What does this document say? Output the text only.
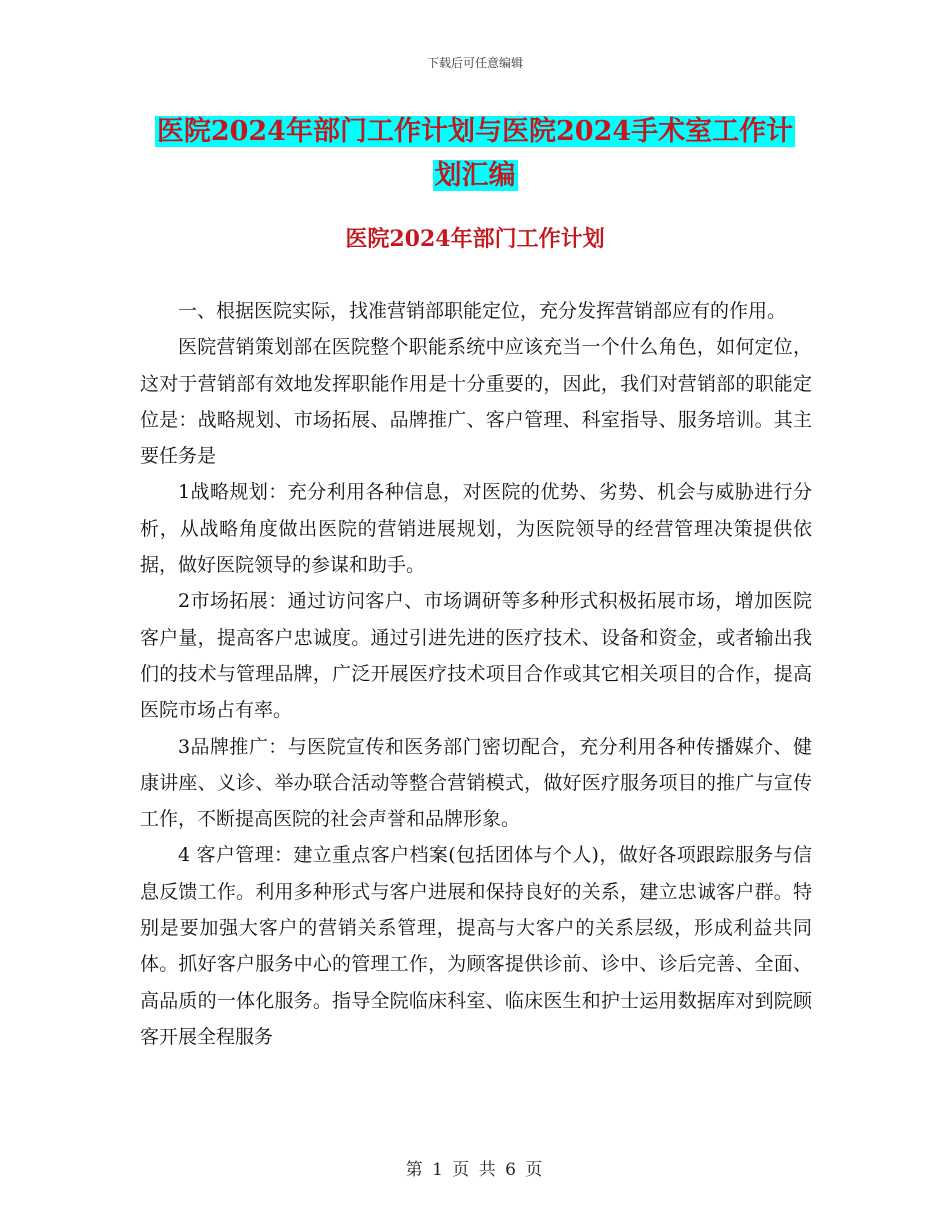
下载后可任意编辑
医院2024年部门工作计划与医院2024手术室工作计
划汇编
医院2024年部门工作计划

一、根据医院实际，找准营销部职能定位，充分发挥营销部应有的作用。

医院营销策划部在医院整个职能系统中应该充当一个什么角色，如何定位，这对于营销部有效地发挥职能作用是十分重要的，因此，我们对营销部的职能定位是：战略规划、市场拓展、品牌推广、客户管理、科室指导、服务培训。其主要任务是

1战略规划：充分利用各种信息，对医院的优势、劣势、机会与威胁进行分析，从战略角度做出医院的营销进展规划，为医院领导的经营管理决策提供依据，做好医院领导的参谋和助手。

2市场拓展：通过访问客户、市场调研等多种形式积极拓展市场，增加医院客户量，提高客户忠诚度。通过引进先进的医疗技术、设备和资金，或者输出我们的技术与管理品牌，广泛开展医疗技术项目合作或其它相关项目的合作，提高医院市场占有率。

3品牌推广：与医院宣传和医务部门密切配合，充分利用各种传播媒介、健康讲座、义诊、举办联合活动等整合营销模式，做好医疗服务项目的推广与宣传工作，不断提高医院的社会声誉和品牌形象。

4 客户管理：建立重点客户档案(包括团体与个人)，做好各项跟踪服务与信息反馈工作。利用多种形式与客户进展和保持良好的关系，建立忠诚客户群。特别是要加强大客户的营销关系管理，提高与大客户的关系层级，形成利益共同体。抓好客户服务中心的管理工作，为顾客提供诊前、诊中、诊后完善、全面、高品质的一体化服务。指导全院临床科室、临床医生和护士运用数据库对到院顾客开展全程服务

第 1 页 共 6 页
